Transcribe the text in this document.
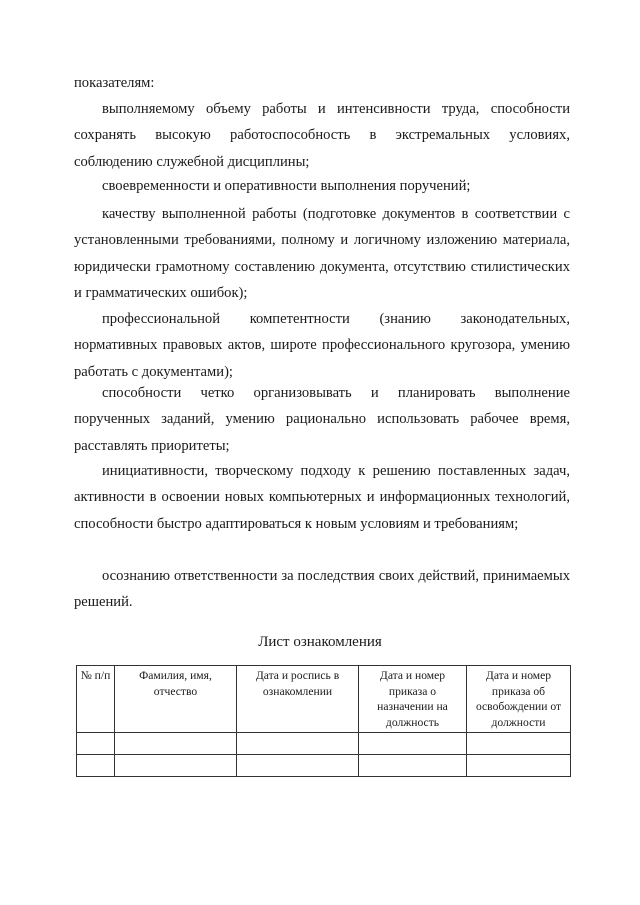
показателям:

выполняемому объему работы и интенсивности труда, способности сохранять высокую работоспособность в экстремальных условиях, соблюдению служебной дисциплины;

своевременности и оперативности выполнения поручений;

качеству выполненной работы (подготовке документов в соответствии с установленными требованиями, полному и логичному изложению материала, юридически грамотному составлению документа, отсутствию стилистических и грамматических ошибок);

профессиональной компетентности (знанию законодательных, нормативных правовых актов, широте профессионального кругозора, умению работать с документами);

способности четко организовывать и планировать выполнение порученных заданий, умению рационально использовать рабочее время, расставлять приоритеты;

инициативности, творческому подходу к решению поставленных задач, активности в освоении новых компьютерных и информационных технологий, способности быстро адаптироваться к новым условиям и требованиям;

осознанию ответственности за последствия своих действий, принимаемых решений.

Лист ознакомления

№ п/п	Фамилия, имя, отчество	Дата и роспись в ознакомлении	Дата и номер приказа о назначении на должность	Дата и номер приказа об освобождении от должности
